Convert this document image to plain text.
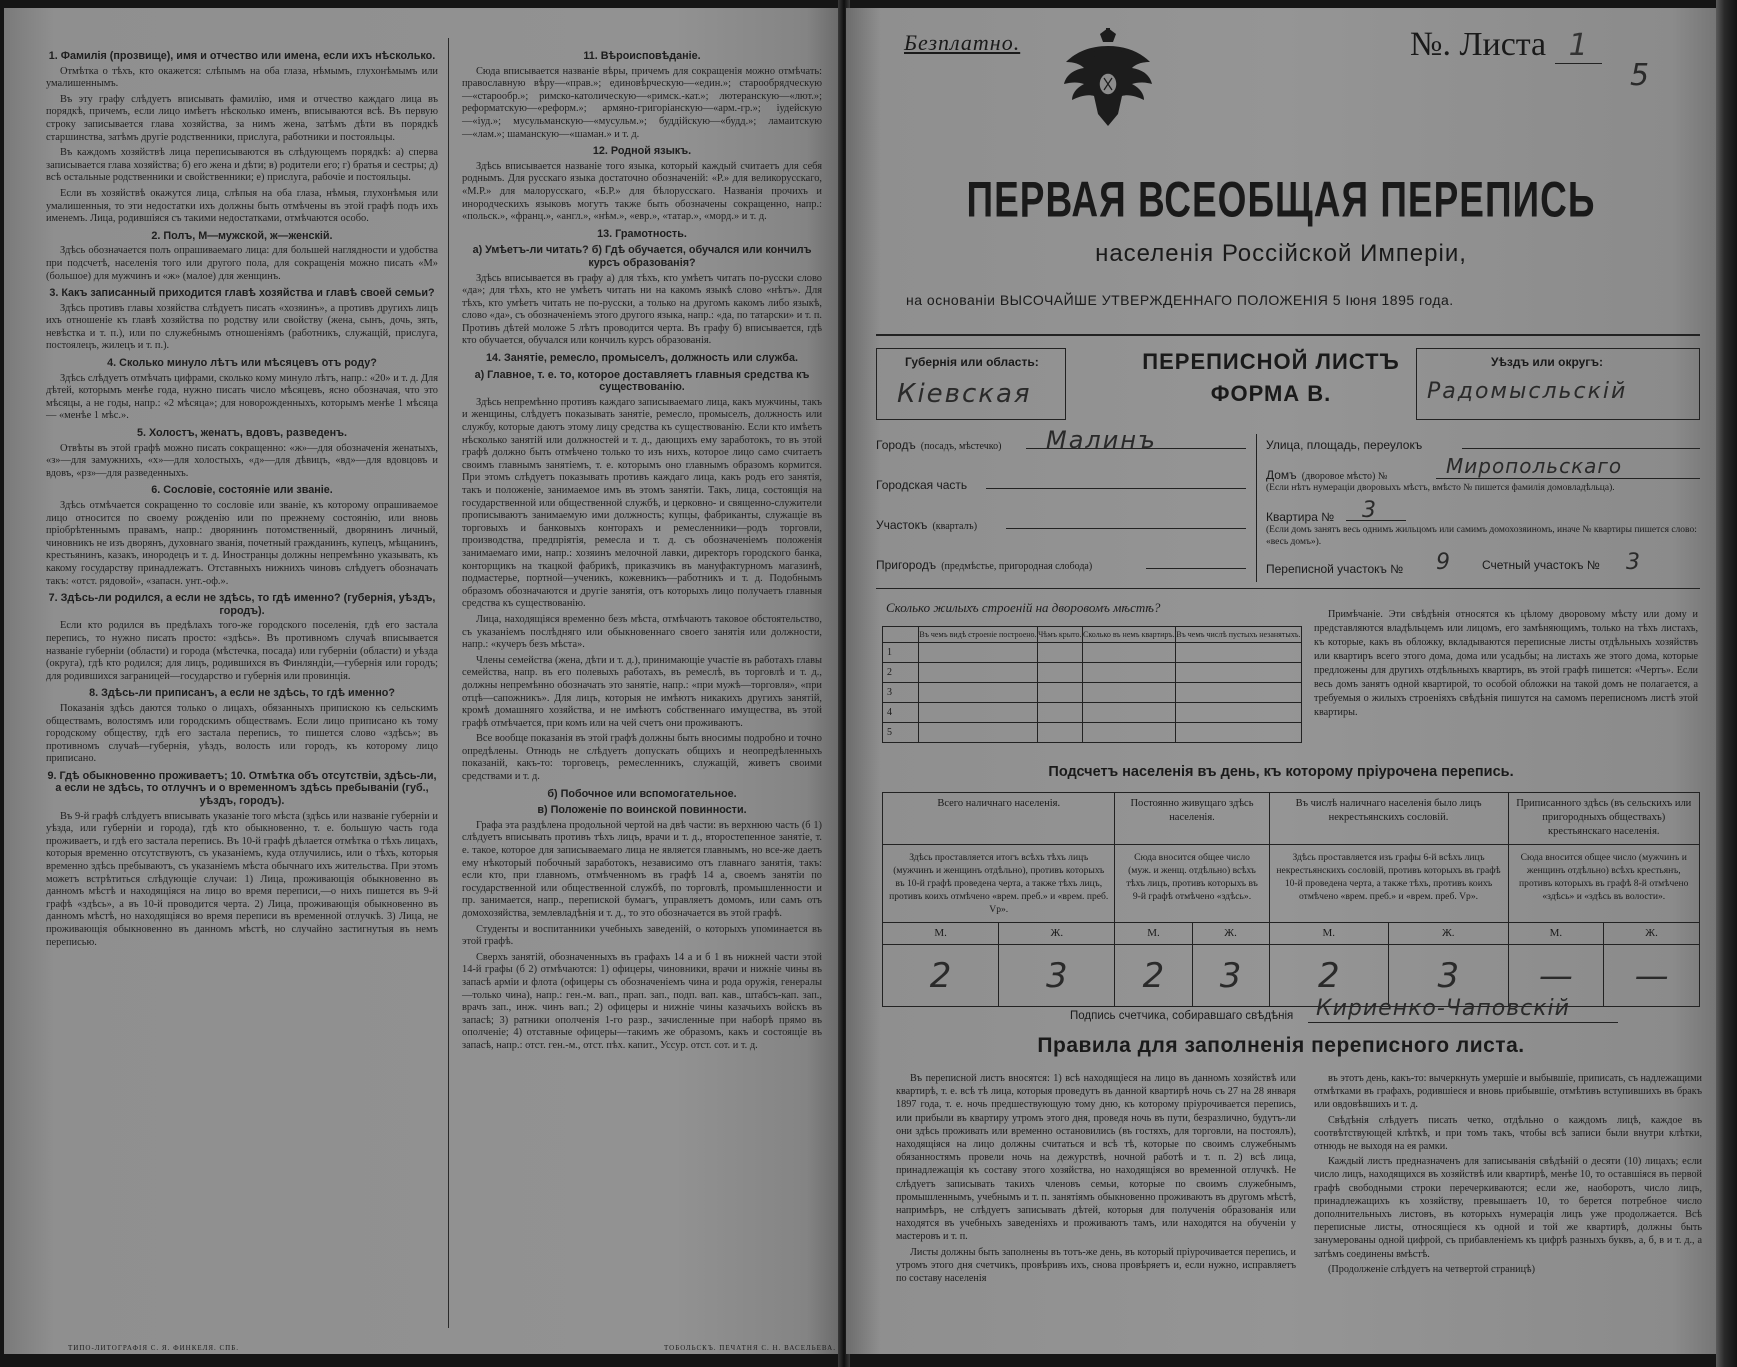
1. Фамилія (прозвище), имя и отчество или имена, если ихъ нѣсколько.

Отмѣтка о тѣхъ, кто окажется: слѣпымъ на оба глаза, нѣмымъ, глухонѣмымъ или умалишеннымъ.

Въ эту графу слѣдуетъ вписывать фамилію, имя и отчество каждаго лица въ порядкѣ, причемъ, если лицо имѣетъ нѣсколько именъ, вписываются всѣ. Въ первую строку записывается глава хозяйства, за нимъ жена, затѣмъ дѣти въ порядкѣ старшинства, затѣмъ другіе родственники, прислуга, работники и постояльцы.

Въ каждомъ хозяйствѣ лица переписываются въ слѣдующемъ порядкѣ: а) сперва записывается глава хозяйства; б) его жена и дѣти; в) родители его; г) братья и сестры; д) всѣ остальные родственники и свойственники; е) прислуга, рабочіе и постояльцы.

Если въ хозяйствѣ окажутся лица, слѣпыя на оба глаза, нѣмыя, глухонѣмыя или умалишенныя, то эти недостатки ихъ должны быть отмѣчены въ этой графѣ подъ ихъ именемъ. Лица, родившіяся съ такими недостатками, отмѣчаются особо.

2. Полъ, М—мужской, ж—женскій.

Здѣсь обозначается полъ опрашиваемаго лица: для большей наглядности и удобства при подсчетѣ, населенія того или другого пола, для сокращенія можно писать «М» (большое) для мужчинъ и «ж» (малое) для женщинъ.

3. Какъ записанный приходится главѣ хозяйства и главѣ своей семьи?

Здѣсь противъ главы хозяйства слѣдуетъ писать «хозяинъ», а противъ другихъ лицъ ихъ отношеніе къ главѣ хозяйства по родству или свойству (жена, сынъ, дочь, зять, невѣстка и т. п.), или по служебнымъ отношеніямъ (работникъ, служащій, прислуга, постоялецъ, жилецъ и т. п.).

4. Сколько минуло лѣтъ или мѣсяцевъ отъ роду?

Здѣсь слѣдуетъ отмѣчать цифрами, сколько кому минуло лѣтъ, напр.: «20» и т. д. Для дѣтей, которымъ менѣе года, нужно писать число мѣсяцевъ, ясно обозначая, что это мѣсяцы, а не годы, напр.: «2 мѣсяца»; для новорожденныхъ, которымъ менѣе 1 мѣсяца — «менѣе 1 мѣс.».

5. Холостъ, женатъ, вдовъ, разведенъ.

Отвѣты въ этой графѣ можно писать сокращенно: «ж»—для обозначенія женатыхъ, «з»—для замужнихъ, «х»—для холостыхъ, «д»—для дѣвицъ, «вд»—для вдовцовъ и вдовъ, «рз»—для разведенныхъ.

6. Сословіе, состояніе или званіе.

Здѣсь отмѣчается сокращенно то сословіе или званіе, къ которому опрашиваемое лицо относится по своему рожденію или по прежнему состоянію, или вновь пріобрѣтеннымъ правамъ, напр.: дворянинъ потомственный, дворянинъ личный, чиновникъ не изъ дворянъ, духовнаго званія, почетный гражданинъ, купецъ, мѣщанинъ, крестьянинъ, казакъ, инородецъ и т. д. Иностранцы должны непремѣнно указывать, къ какому государству принадлежатъ. Отставныхъ нижнихъ чиновъ слѣдуетъ обозначать такъ: «отст. рядовой», «запасн. унт.-оф.».

7. Здѣсь-ли родился, а если не здѣсь, то гдѣ именно? (губернія, уѣздъ, городъ).

Если кто родился въ предѣлахъ того-же городского поселенія, гдѣ его застала перепись, то нужно писать просто: «здѣсь». Въ противномъ случаѣ вписывается названіе губерніи (области) и города (мѣстечка, посада) или губерніи (области) и уѣзда (округа), гдѣ кто родился; для лицъ, родившихся въ Финляндіи,—губернія или городъ; для родившихся заграницей—государство и губернія или провинція.

8. Здѣсь-ли приписанъ, а если не здѣсь, то гдѣ именно?

Показанія здѣсь даются только о лицахъ, обязанныхъ припискою къ сельскимъ обществамъ, волостямъ или городскимъ обществамъ. Если лицо приписано къ тому городскому обществу, гдѣ его застала перепись, то пишется слово «здѣсь»; въ противномъ случаѣ—губернія, уѣздъ, волость или городъ, къ которому лицо приписано.

9. Гдѣ обыкновенно проживаетъ; 10. Отмѣтка объ отсутствіи, здѣсь-ли, а если не здѣсь, то отлучнъ и о временномъ здѣсь пребываніи (губ., уѣздъ, городъ).

Въ 9-й графѣ слѣдуетъ вписывать указаніе того мѣста (здѣсь или названіе губерніи и уѣзда, или губерніи и города), гдѣ кто обыкновенно, т. е. большую часть года проживаетъ, и гдѣ его застала перепись. Въ 10-й графѣ дѣлается отмѣтка о тѣхъ лицахъ, которыя временно отсутствуютъ, съ указаніемъ, куда отлучились, или о тѣхъ, которыя временно здѣсь пребываютъ, съ указаніемъ мѣста обычнаго ихъ жительства. При этомъ можетъ встрѣтиться слѣдующіе случаи: 1) Лица, проживающія обыкновенно въ данномъ мѣстѣ и находящіяся на лицо во время переписи,—о нихъ пишется въ 9-й графѣ «здѣсь», а въ 10-й проводится черта. 2) Лица, проживающія обыкновенно въ данномъ мѣстѣ, но находящіяся во время переписи въ временной отлучкѣ. 3) Лица, не проживающія обыкновенно въ данномъ мѣстѣ, но случайно застигнутыя въ немъ переписью.

11. Вѣроисповѣданіе.

Сюда вписывается названіе вѣры, причемъ для сокращенія можно отмѣчать: православную вѣру—«прав.»; единовѣрческую—«един.»; старообрядческую—«старообр.»; римско-католическую—«римск.-кат.»; лютеранскую—«лют.»; реформатскую—«реформ.»; армяно-григоріанскую—«арм.-гр.»; іудейскую—«іуд.»; мусульманскую—«мусульм.»; буддійскую—«будд.»; ламаитскую—«лам.»; шаманскую—«шаман.» и т. д.

12. Родной языкъ.

Здѣсь вписывается названіе того языка, который каждый считаетъ для себя роднымъ. Для русскаго языка достаточно обозначеній: «Р.» для великорусскаго, «М.Р.» для малорусскаго, «Б.Р.» для бѣлорусскаго. Названія прочихъ и инородческихъ языковъ могутъ также быть обозначены сокращенно, напр.: «польск.», «франц.», «англ.», «нѣм.», «евр.», «татар.», «морд.» и т. д.

13. Грамотность.
а) Умѣетъ-ли читать? б) Гдѣ обучается, обучался или кончилъ курсъ образованія?

Здѣсь вписывается въ графу а) для тѣхъ, кто умѣетъ читать по-русски слово «да»; для тѣхъ, кто не умѣетъ читать ни на какомъ языкѣ слово «нѣтъ». Для тѣхъ, кто умѣетъ читать не по-русски, а только на другомъ какомъ либо языкѣ, слово «да», съ обозначеніемъ этого другого языка, напр.: «да, по татарски» и т. п. Противъ дѣтей моложе 5 лѣтъ проводится черта. Въ графу б) вписывается, гдѣ кто обучается, обучался или кончилъ курсъ образованія.

14. Занятіе, ремесло, промыселъ, должность или служба.
а) Главное, т. е. то, которое доставляетъ главныя средства къ существованію.

Здѣсь непремѣнно противъ каждаго записываемаго лица, какъ мужчины, такъ и женщины, слѣдуетъ показывать занятіе, ремесло, промыселъ, должность или службу, которые даютъ этому лицу средства къ существованію. Если кто имѣетъ нѣсколько занятій или должностей и т. д., дающихъ ему заработокъ, то въ этой графѣ должно быть отмѣчено только то изъ нихъ, которое лицо само считаетъ своимъ главнымъ занятіемъ, т. е. которымъ оно главнымъ образомъ кормится. При этомъ слѣдуетъ показывать противъ каждаго лица, какъ родъ его занятія, такъ и положеніе, занимаемое имъ въ этомъ занятіи. Такъ, лица, состоящія на государственной или общественной службѣ, и церковно- и священно-служители прописываютъ занимаемую ими должность; купцы, фабриканты, служащіе въ торговыхъ и банковыхъ конторахъ и ремесленники—родъ торговли, производства, предпріятія, ремесла и т. д. съ обозначеніемъ положенія занимаемаго ими, напр.: хозяинъ мелочной лавки, директоръ городского банка, конторщикъ на ткацкой фабрикѣ, приказчикъ въ мануфактурномъ магазинѣ, подмастерье, портной—ученикъ, кожевникъ—работникъ и т. д. Подобнымъ образомъ обозначаются и другіе занятія, отъ которыхъ лицо получаетъ главныя средства къ существованію.

Лица, находящіяся временно безъ мѣста, отмѣчаютъ таковое обстоятельство, съ указаніемъ послѣдняго или обыкновеннаго своего занятія или должности, напр.: «кучеръ безъ мѣста».

Члены семейства (жена, дѣти и т. д.), принимающіе участіе въ работахъ главы семейства, напр. въ его полевыхъ работахъ, въ ремеслѣ, въ торговлѣ и т. д., должны непремѣнно обозначать это занятіе, напр.: «при мужѣ—торговля», «при отцѣ—сапожникъ». Для лицъ, которыя не имѣютъ никакихъ другихъ занятій, кромѣ домашняго хозяйства, и не имѣютъ собственнаго имущества, въ этой графѣ отмѣчается, при комъ или на чей счетъ они проживаютъ.

Все вообще показанія въ этой графѣ должны быть вносимы подробно и точно опредѣлены. Отнюдь не слѣдуетъ допускать общихъ и неопредѣленныхъ показаній, какъ-то: торговецъ, ремесленникъ, служащій, живетъ своими средствами и т. д.

б) Побочное или вспомогательное.
в) Положеніе по воинской повинности.

Графа эта раздѣлена продольной чертой на двѣ части: въ верхнюю часть (б 1) слѣдуетъ вписывать противъ тѣхъ лицъ, врачи и т. д., второстепенное занятіе, т. е. такое, которое для записываемаго лица не является главнымъ, но все-же даетъ ему нѣкоторый побочный заработокъ, независимо отъ главнаго занятія, такъ: если кто, при главномъ, отмѣченномъ въ графѣ 14 а, своемъ занятіи по государственной или общественной службѣ, по торговлѣ, промышленности и пр. занимается, напр., перепиской бумагъ, управляетъ домомъ, или самъ отъ домохозяйства, землевладѣнія и т. д., то это обозначается въ этой графѣ.

Студенты и воспитанники учебныхъ заведеній, о которыхъ упоминается въ этой графѣ.

Сверхъ занятій, обозначенныхъ въ графахъ 14 а и б 1 въ нижней части этой 14-й графы (б 2) отмѣчаются: 1) офицеры, чиновники, врачи и нижніе чины въ запасѣ арміи и флота (офицеры съ обозначеніемъ чина и рода оружія, генералы—только чина), напр.: ген.-м. вап., прап. зап., подп. вап. кав., штабсъ-кап. зап., врачъ зап., инж. чинъ вап.; 2) офицеры и нижніе чины казачьихъ войскъ въ запасѣ; 3) ратники ополченія 1-го разр., зачисленные при наборѣ прямо въ ополченіе; 4) отставные офицеры—такимъ же образомъ, какъ и состоящіе въ запасѣ, напр.: отст. ген.-м., отст. пѣх. капит., Уссур. отст. сот. и т. д.

ТИПО-ЛИТОГРАФІЯ С. Я. ФИНКЕЛЯ. СПБ.	ТОБОЛЬСКЪ. ПЕЧАТНЯ С. Н. ВАСЕЛЬЕВА.
Безплатно.	№. Листа 1
5
ПЕРВАЯ ВСЕОБЩАЯ ПЕРЕПИСЬ
населенія Россійской Имперіи,
на основаніи ВЫСОЧАЙШЕ УТВЕРЖДЕННАГО ПОЛОЖЕНІЯ 5 Іюня 1895 года.
Губернія или область:
Кіевская
ПЕРЕПИСНОЙ ЛИСТЪ
ФОРМА В.
Уѣздъ или округъ:
Радомысльскій
Городъ (посадъ, мѣстечко) Малинъ
Городская часть
Участокъ (кварталъ)
Пригородъ (предмѣстье, пригородная слобода)
Улица, площадь, переулокъ
Домъ (дворовое мѣсто) №	Миропольскаго
(Если нѣтъ нумераціи дворовыхъ мѣстъ, вмѣсто № пишется фамилія домовладѣльца).
Квартира № 3
(Если домъ занятъ весь однимъ жильцомъ или самимъ домохозяиномъ, иначе № квартиры пишется слово: «весь домъ»).
Переписной участокъ № 9	Счетный участокъ № 3
Сколько жилыхъ строеній на дворовомъ мѣстѣ?
	Въ чемъ видѣ строеніе построено.	Чѣмъ крыто.	Сколько въ немъ квартиръ.	Въ чемъ числѣ пустыхъ незанятыхъ.
1				
2				
3				
4				
5				
Примѣчаніе. Эти свѣдѣнія относятся къ цѣлому дворовому мѣсту или дому и представляются владѣльцемъ или лицомъ, его замѣняющимъ, только на тѣхъ листахъ, къ которые, какъ въ обложку, вкладываются переписные листы отдѣльныхъ хозяйствъ или квартиръ всего этого дома, дома или усадьбы; на листахъ же этого дома, которые предложены для другихъ отдѣльныхъ квартиръ, въ этой графѣ пишется: «Чертъ». Если весь домъ занятъ одной квартирой, то особой обложки на такой домъ не полагается, а требуемыя о жилыхъ строеніяхъ свѣдѣнія пишутся на самомъ переписномъ листѣ этой квартиры.
Подсчетъ населенія въ день, къ которому пріурочена перепись.
Всего наличнаго населенія.		Постоянно живущаго здѣсь населенія.		Въ числѣ наличнаго населенія было лицъ некрестьянскихъ сословій.		Приписанного здѣсь (въ сельскихъ или пригородныхъ обществахъ) крестьянскаго населенія.	
Здѣсь проставляется итогъ всѣхъ тѣхъ лицъ (мужчинъ и женщинъ отдѣльно), противъ которыхъ въ 10-й графѣ проведена черта, а также тѣхъ лицъ, противъ коихъ отмѣчено «врем. преб.» и «врем. преб. Vр».		Сюда вносится общее число (муж. и женщ. отдѣльно) всѣхъ тѣхъ лицъ, противъ которыхъ въ 9-й графѣ отмѣчено «здѣсь».		Здѣсь проставляется изъ графы 6-й всѣхъ лицъ некрестьянскихъ сословій, противъ которыхъ въ графѣ 10-й проведена черта, а также тѣхъ, противъ коихъ отмѣчено «врем. преб.» и «врем. преб. Vр».		Сюда вносится общее число (мужчинъ и женщинъ отдѣльно) всѣхъ крестьянъ, противъ которыхъ въ графѣ 8-й отмѣчено «здѣсь» и «здѣсь въ волости».	
М.	Ж.	М.	Ж.	М.	Ж.	М.	Ж.
2	3	2	3	2	3	—	—
Подпись счетчика, собиравшаго свѣдѣнія Кириенко-Чаповскій
Правила для заполненія переписного листа.

Въ переписной листъ вносятся: 1) всѣ находящіеся на лицо въ данномъ хозяйствѣ или квартирѣ, т. е. всѣ тѣ лица, которыя проведутъ въ данной квартирѣ ночь съ 27 на 28 января 1897 года, т. е. ночь предшествующую тому дню, къ которому пріурочивается перепись, или прибыли въ квартиру утромъ этого дня, проведя ночь въ пути, безразлично, будутъ-ли они здѣсь проживать или временно остановились (въ гостяхъ, для торговли, на постоялъ), находящіяся на лицо должны считаться и всѣ тѣ, которые по своимъ служебнымъ обязанностямъ провели ночь на дежурствѣ, ночной работѣ и т. п. 2) всѣ лица, принадлежащія къ составу этого хозяйства, но находящіяся во временной отлучкѣ. Не слѣдуетъ записывать такихъ членовъ семьи, которые по своимъ служебнымъ, промышленнымъ, учебнымъ и т. п. занятіямъ обыкновенно проживаютъ въ другомъ мѣстѣ, напримѣръ, не слѣдуетъ записывать дѣтей, которыя для полученія образованія или находятся въ учебныхъ заведеніяхъ и проживаютъ тамъ, или находятся на обученіи у мастеровъ и т. п.

Листы должны быть заполнены въ тотъ-же день, въ который пріурочивается перепись, и утромъ этого дня счетчикъ, провѣривъ ихъ, снова провѣряетъ и, если нужно, исправляетъ по составу населенія

въ этотъ день, какъ-то: вычеркнуть умершіе и выбывшіе, приписать, съ надлежащими отмѣтками въ графахъ, родившіеся и вновь прибывшіе, отмѣтивъ вступившихъ въ бракъ или овдовѣвшихъ и т. д.

Свѣдѣнія слѣдуетъ писать четко, отдѣльно о каждомъ лицѣ, каждое въ соотвѣтствующей клѣткѣ, и при томъ такъ, чтобы всѣ записи были внутри клѣтки, отнюдь не выходя на ея рамки.

Каждый листъ предназначенъ для записыванія свѣдѣній о десяти (10) лицахъ; если число лицъ, находящихся въ хозяйствѣ или квартирѣ, менѣе 10, то оставшіяся въ первой графѣ свободными строки перечеркиваются; если же, наоборотъ, число лицъ, принадлежащихъ къ хозяйству, превышаетъ 10, то берется потребное число дополнительныхъ листовъ, въ которыхъ нумерація лицъ уже продолжается. Всѣ переписные листы, относящіеся къ одной и той же квартирѣ, должны быть занумерованы одной цифрой, съ прибавленіемъ къ цифрѣ разныхъ буквъ, а, б, в и т. д., а затѣмъ соединены вмѣстѣ.

(Продолженіе слѣдуетъ на четвертой страницѣ)
